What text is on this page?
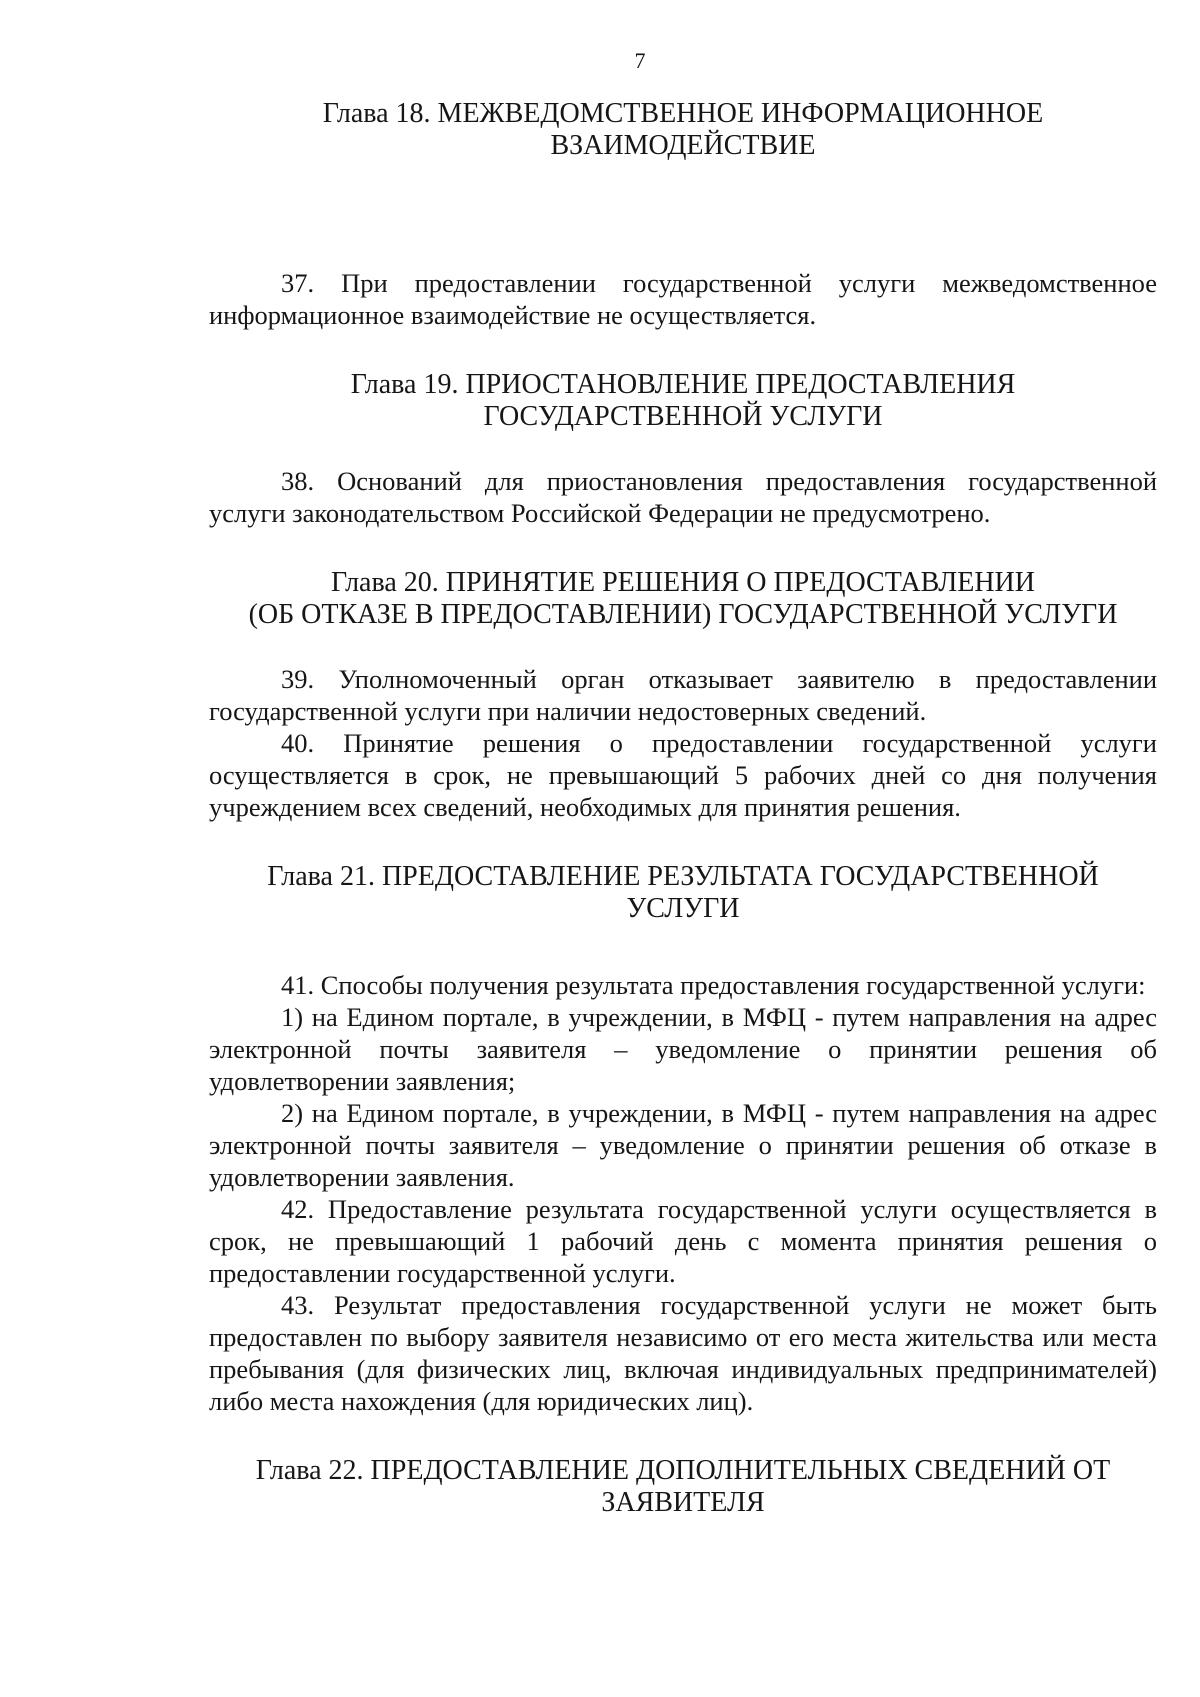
7
Глава 18. МЕЖВЕДОМСТВЕННОЕ ИНФОРМАЦИОННОЕ
ВЗАИМОДЕЙСТВИЕ

37. При предоставлении государственной услуги межведомственное информационное взаимодействие не осуществляется.

Глава 19. ПРИОСТАНОВЛЕНИЕ ПРЕДОСТАВЛЕНИЯ
ГОСУДАРСТВЕННОЙ УСЛУГИ

38. Оснований для приостановления предоставления государственной услуги законодательством Российской Федерации не предусмотрено.

Глава 20. ПРИНЯТИЕ РЕШЕНИЯ О ПРЕДОСТАВЛЕНИИ
(ОБ ОТКАЗЕ В ПРЕДОСТАВЛЕНИИ) ГОСУДАРСТВЕННОЙ УСЛУГИ

39. Уполномоченный орган отказывает заявителю в предоставлении государственной услуги при наличии недостоверных сведений.

40. Принятие решения о предоставлении государственной услуги осуществляется в срок, не превышающий 5 рабочих дней со дня получения учреждением всех сведений, необходимых для принятия решения.

Глава 21. ПРЕДОСТАВЛЕНИЕ РЕЗУЛЬТАТА ГОСУДАРСТВЕННОЙ
УСЛУГИ

41. Способы получения результата предоставления государственной услуги:

1) на Едином портале, в учреждении, в МФЦ - путем направления на адрес электронной почты заявителя – уведомление о принятии решения об удовлетворении заявления;

2) на Едином портале, в учреждении, в МФЦ - путем направления на адрес электронной почты заявителя – уведомление о принятии решения об отказе в удовлетворении заявления.

42. Предоставление результата государственной услуги осуществляется в срок, не превышающий 1 рабочий день с момента принятия решения о предоставлении государственной услуги.

43. Результат предоставления государственной услуги не может быть предоставлен по выбору заявителя независимо от его места жительства или места пребывания (для физических лиц, включая индивидуальных предпринимателей) либо места нахождения (для юридических лиц).

Глава 22. ПРЕДОСТАВЛЕНИЕ ДОПОЛНИТЕЛЬНЫХ СВЕДЕНИЙ ОТ
ЗАЯВИТЕЛЯ
